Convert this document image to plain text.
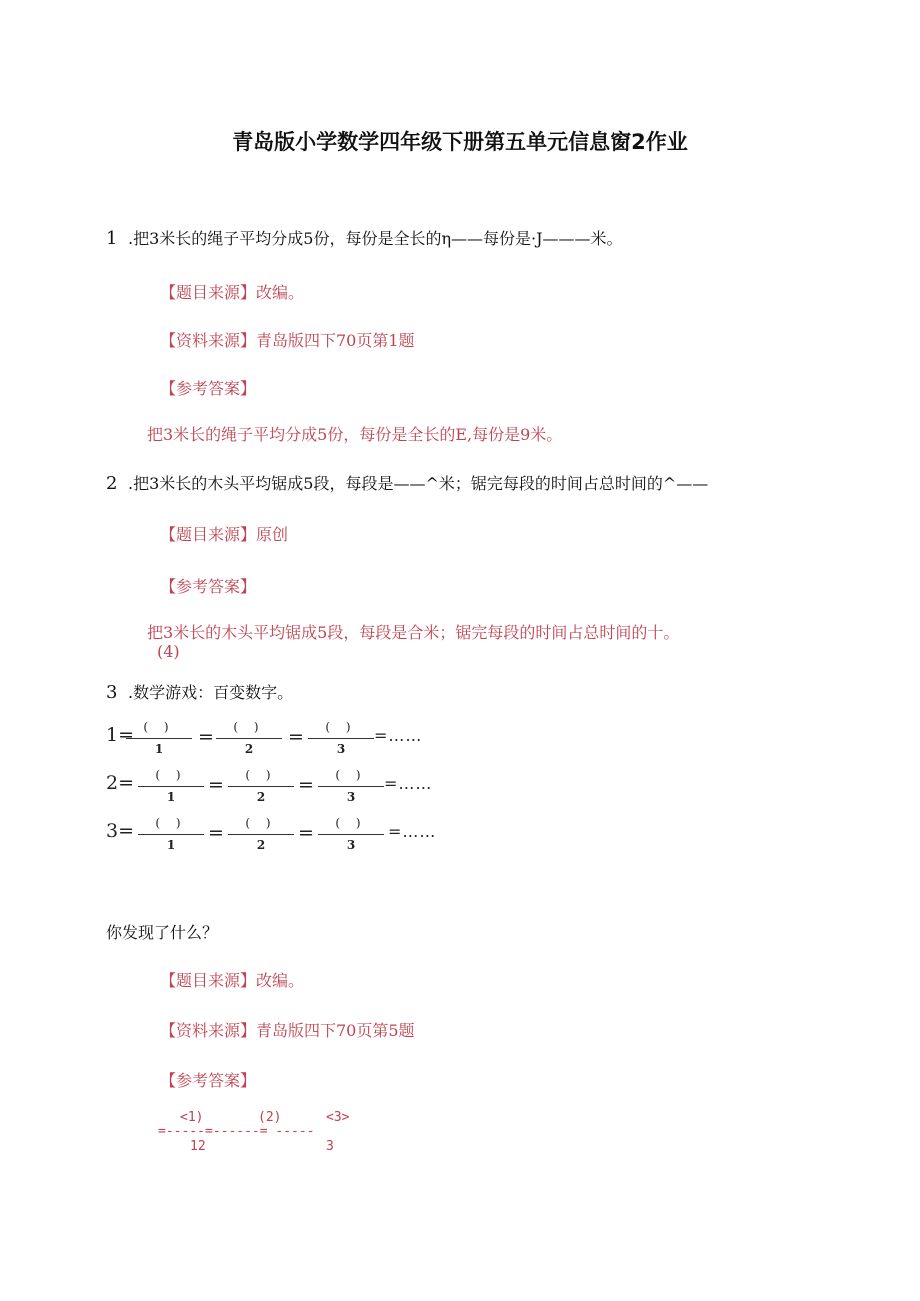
青岛版小学数学四年级下册第五单元信息窗2作业
1 .把3米长的绳子平均分成5份，每份是全长的η——每份是·J———米。
【题目来源】改编。
【资料来源】青岛版四下70页第1题
【参考答案】
把3米长的绳子平均分成5份，每份是全长的E,每份是9米。
2 .把3米长的木头平均锯成5段，每段是——^米；锯完每段的时间占总时间的^——
【题目来源】原创
【参考答案】
把3米长的木头平均锯成5段，每段是合米；锯完每段的时间占总时间的十。
(4)
3 .数学游戏：百变数字。
1= ( )
1
=	( )
2
=	( )
3
=……
2=	( )
1
=	( )
2
=	( )
3
=……
3=	( )
1
=	( )
2
=	( )
3
=……
你发现了什么？
【题目来源】改编。
【资料来源】青岛版四下70页第5题
【参考答案】
<1)	(2)	<3>
=-----=------= -----
12	3
